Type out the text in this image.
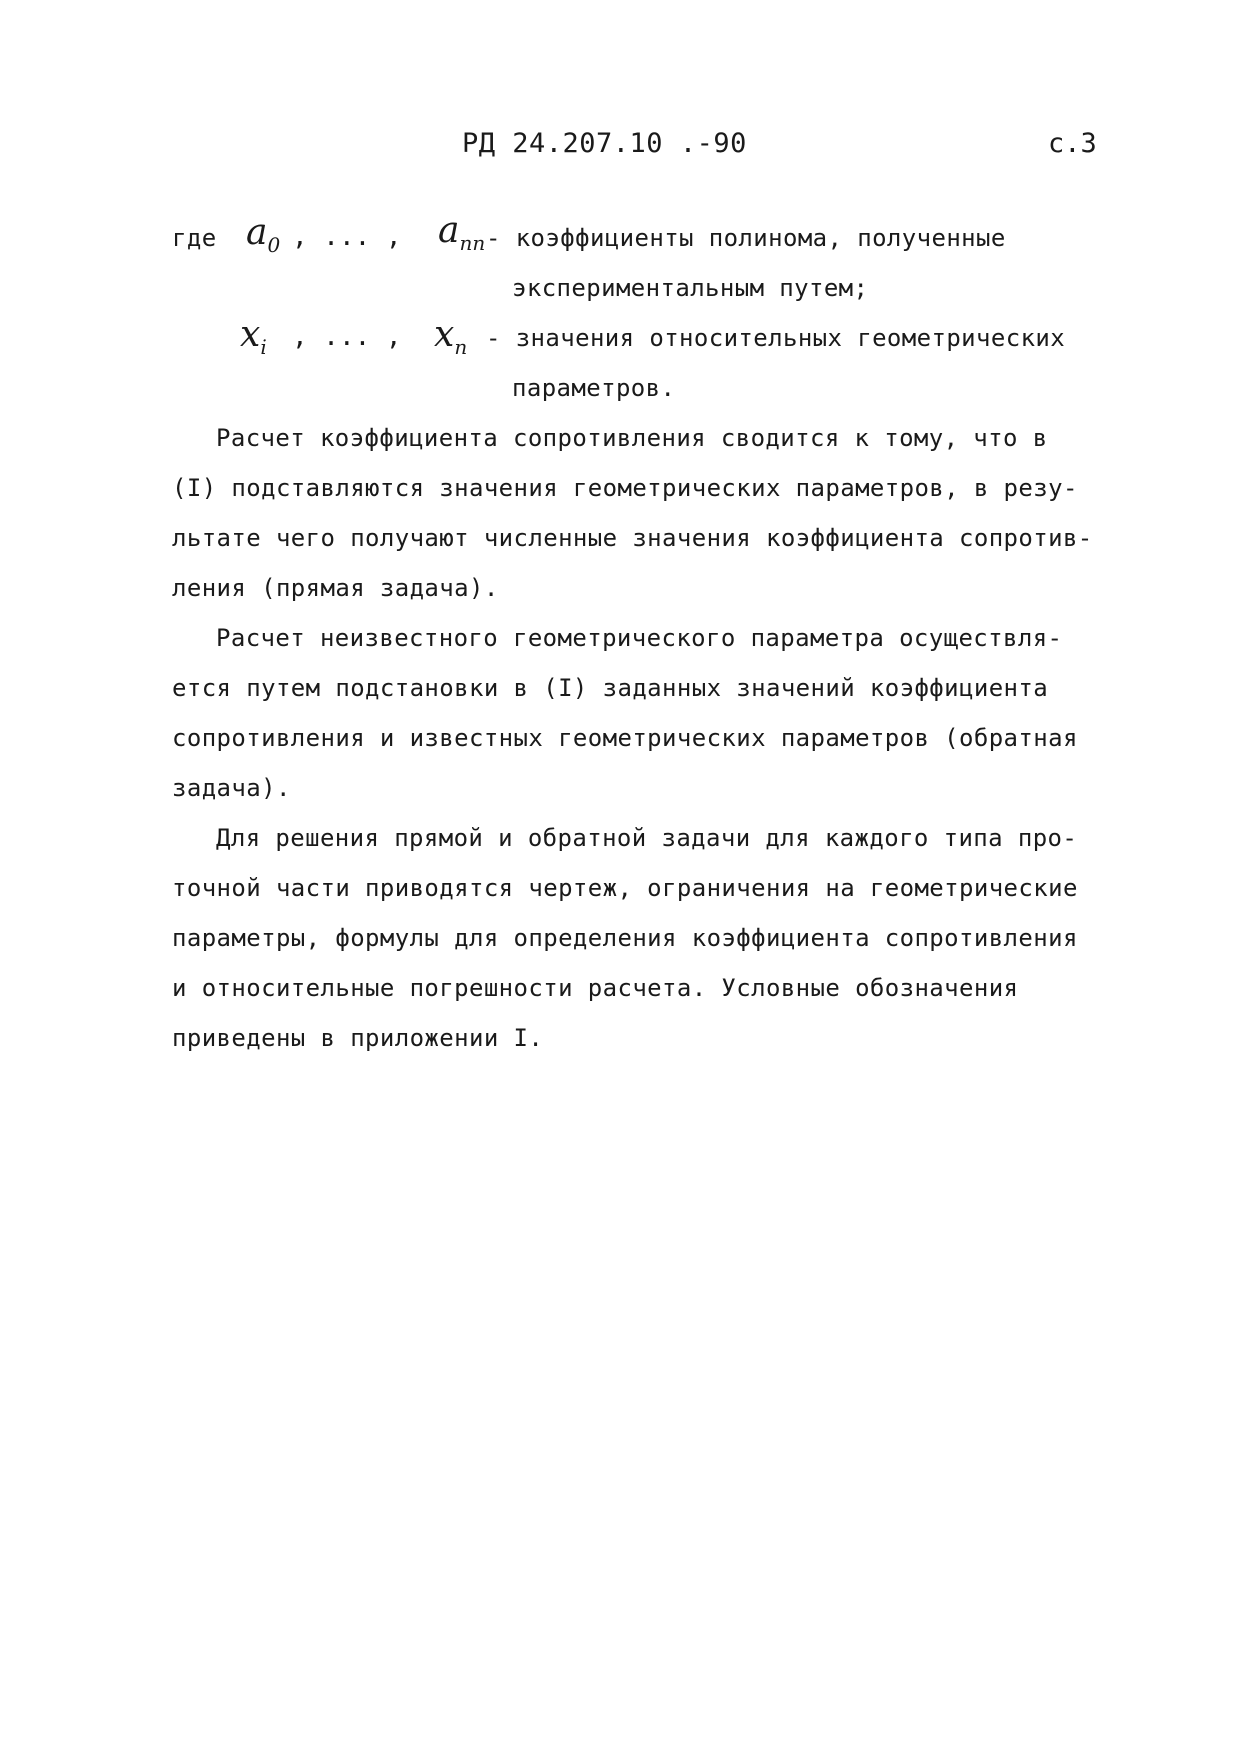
РД 24.207.10 .-90	с.3
где $a_0$ , ... , $a_{nn}$ - коэффициенты полинома, полученные
экспериментальным путем;
$x_i$ , ... , $x_n$ - значения относительных геометрических
параметров.
Расчет коэффициента сопротивления сводится к тому, что в
(I) подставляются значения геометрических параметров, в резу-
льтате чего получают численные значения коэффициента сопротив-
ления (прямая задача).
Расчет неизвестного геометрического параметра осуществля-
ется путем подстановки в (I) заданных значений коэффициента
сопротивления и известных геометрических параметров (обратная
задача).
Для решения прямой и обратной задачи для каждого типа про-
точной части приводятся чертеж, ограничения на геометрические
параметры, формулы для определения коэффициента сопротивления
и относительные погрешности расчета. Условные обозначения
приведены в приложении I.
